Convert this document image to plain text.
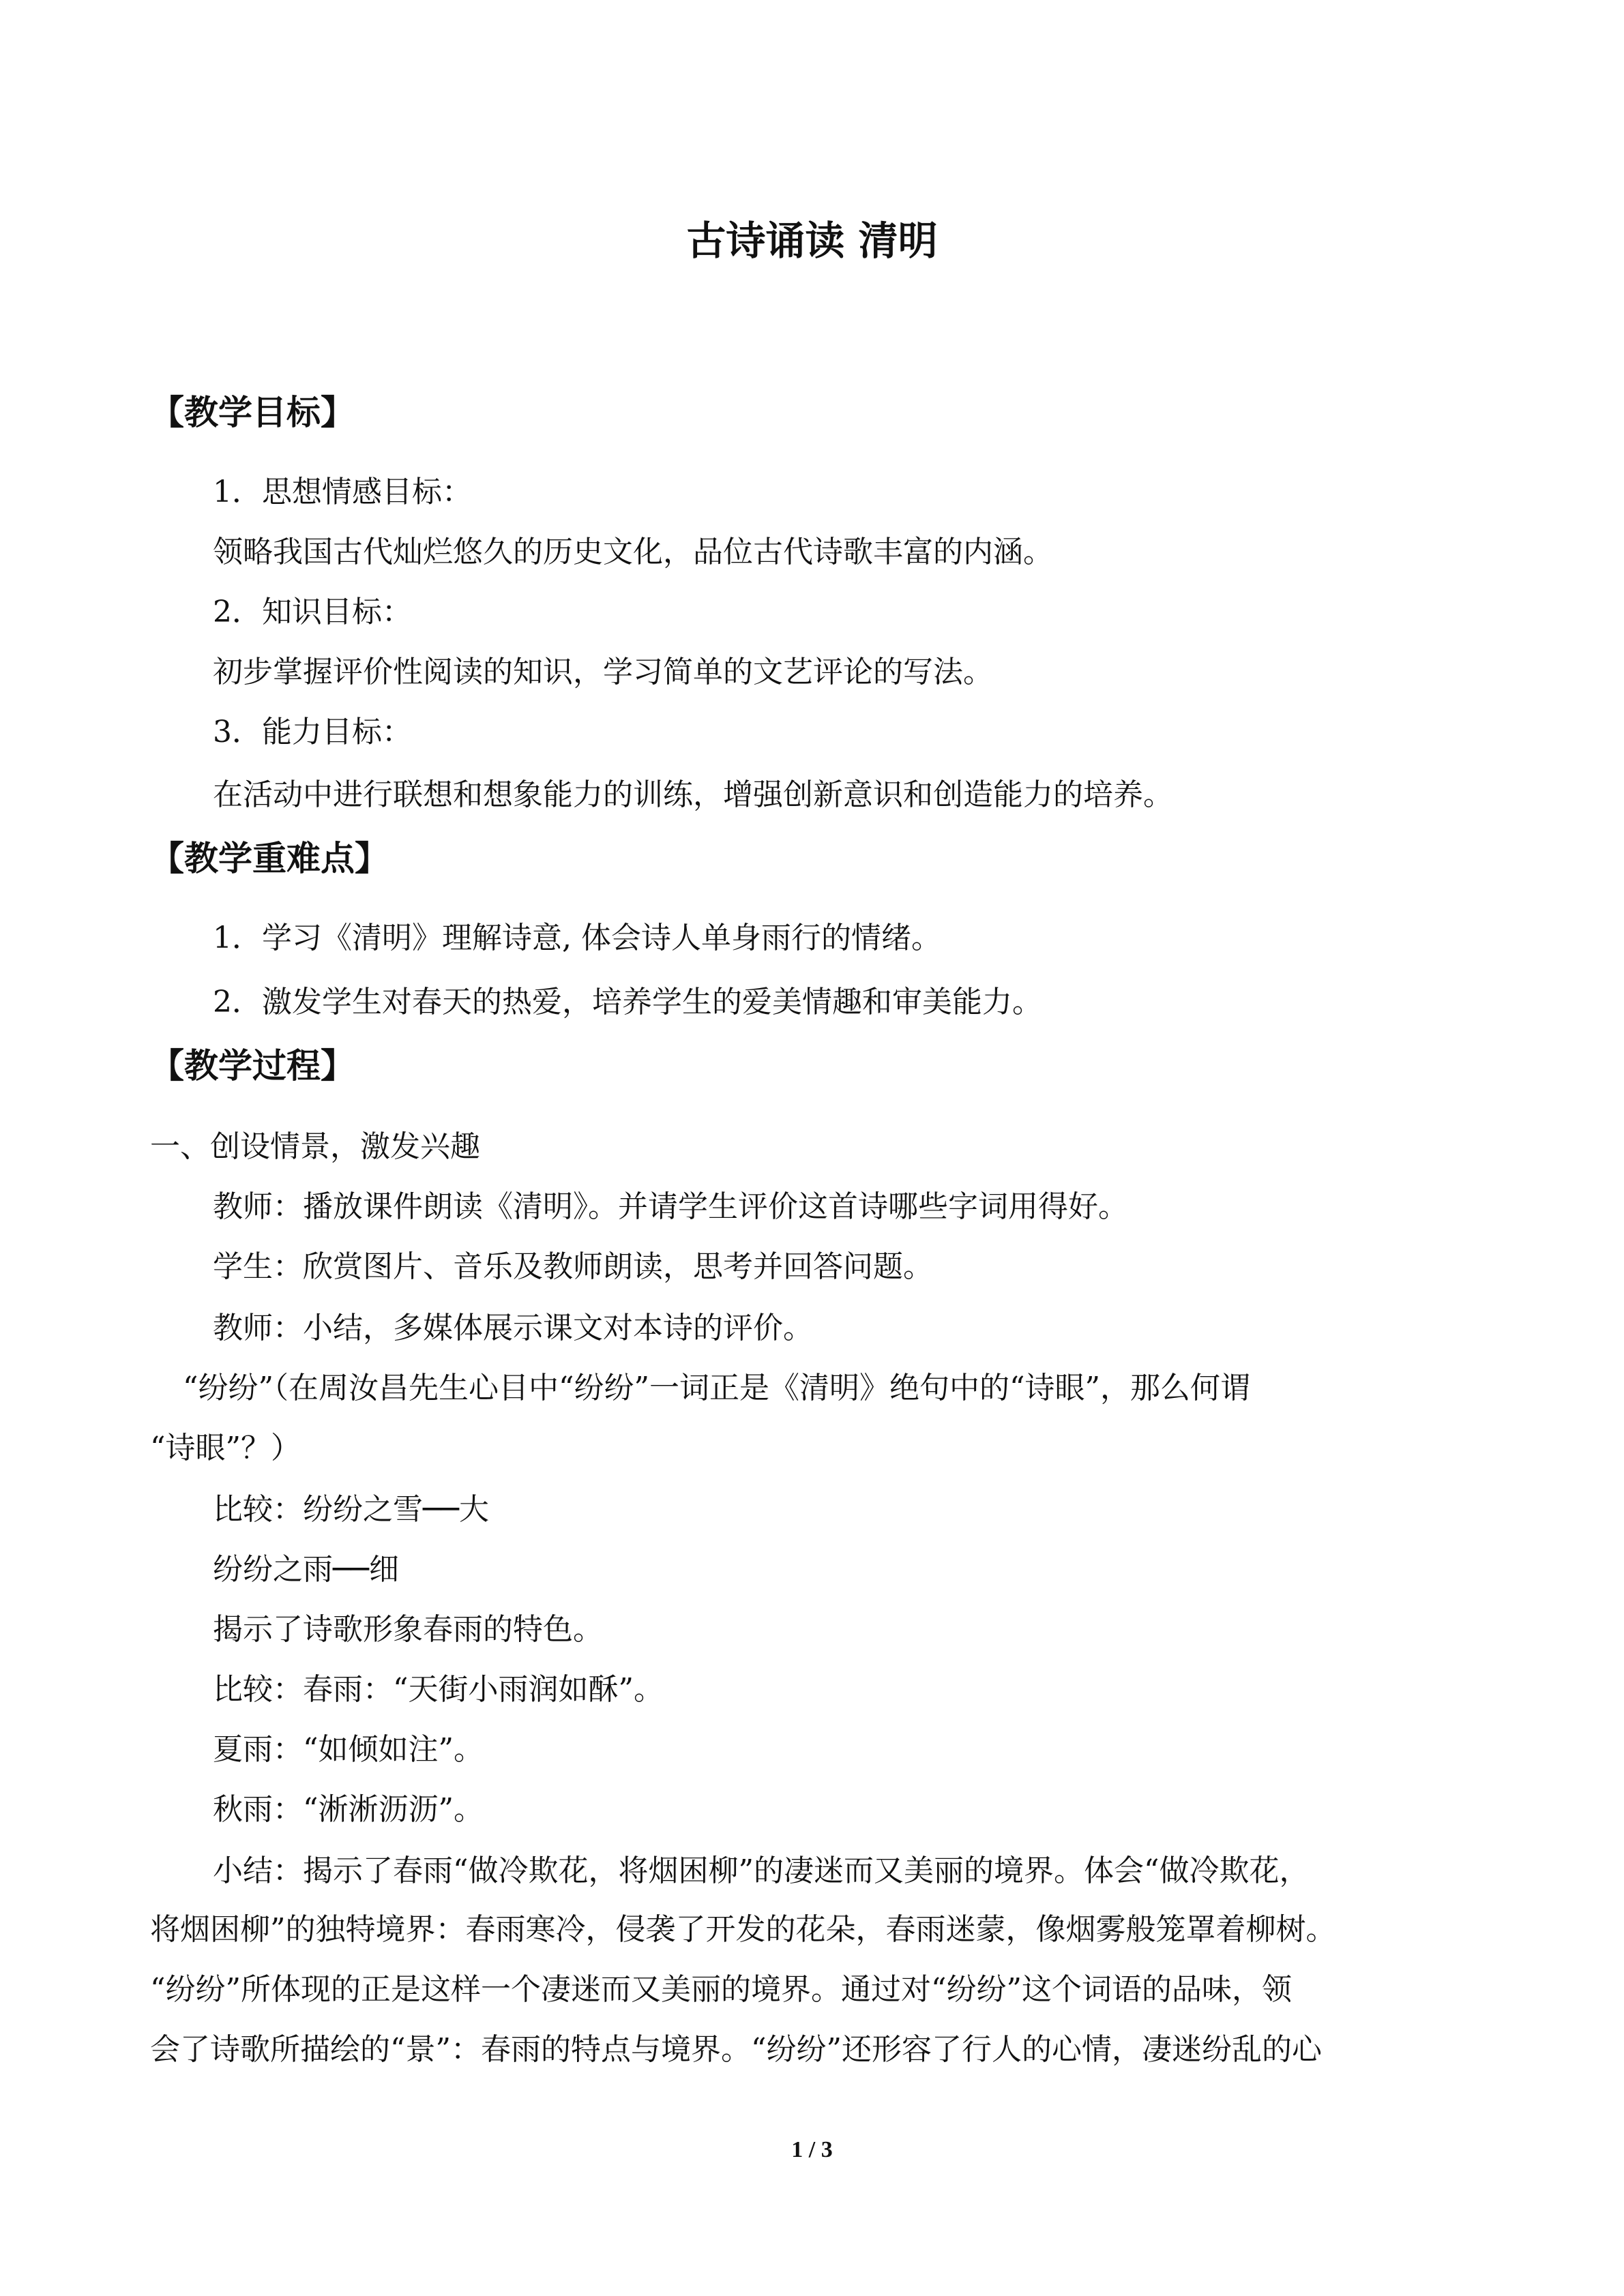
古诗诵读 清明
【教学目标】
1．思想情感目标：
领略我国古代灿烂悠久的历史文化，品位古代诗歌丰富的内涵。
2．知识目标：
初步掌握评价性阅读的知识，学习简单的文艺评论的写法。
3．能力目标：
在活动中进行联想和想象能力的训练，增强创新意识和创造能力的培养。
【教学重难点】
1．学习《清明》理解诗意, 体会诗人单身雨行的情绪。
2．激发学生对春天的热爱，培养学生的爱美情趣和审美能力。
【教学过程】
一、创设情景，激发兴趣
教师：播放课件朗读《清明》。并请学生评价这首诗哪些字词用得好。
学生：欣赏图片、音乐及教师朗读，思考并回答问题。
教师：小结，多媒体展示课文对本诗的评价。
“纷纷”（在周汝昌先生心目中“纷纷”一词正是《清明》绝句中的“诗眼”，那么何谓
“诗眼”？）
比较：纷纷之雪──大
纷纷之雨──细
揭示了诗歌形象春雨的特色。
比较：春雨：“天街小雨润如酥”。
夏雨：“如倾如注”。
秋雨：“淅淅沥沥”。
小结：揭示了春雨“做冷欺花，将烟困柳”的凄迷而又美丽的境界。体会“做冷欺花，
将烟困柳”的独特境界：春雨寒冷，侵袭了开发的花朵，春雨迷蒙，像烟雾般笼罩着柳树。
“纷纷”所体现的正是这样一个凄迷而又美丽的境界。通过对“纷纷”这个词语的品味，领
会了诗歌所描绘的“景”：春雨的特点与境界。“纷纷”还形容了行人的心情，凄迷纷乱的心
1 / 3
